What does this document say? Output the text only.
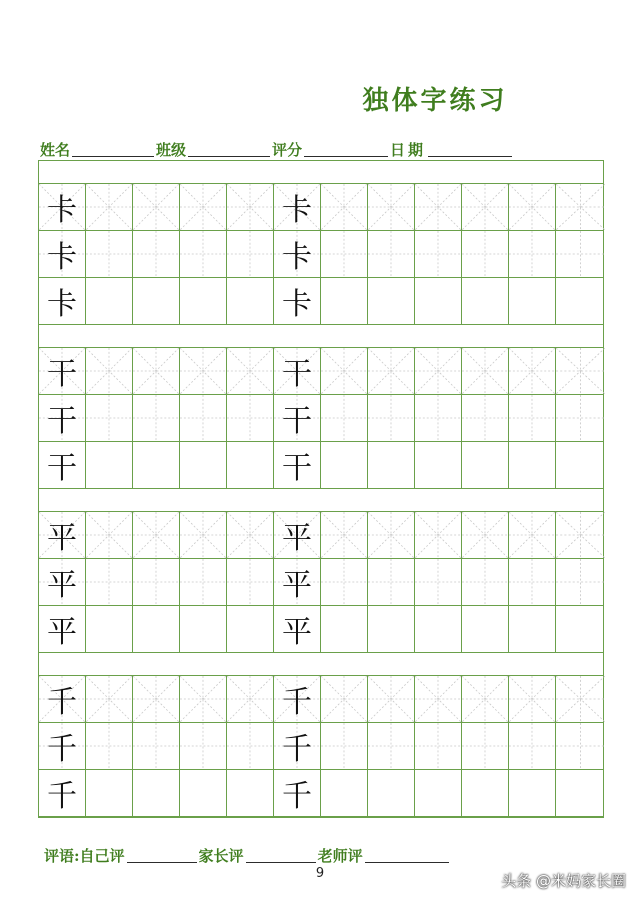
独体字练习
姓名	班级	评分	日期
卡	卡
卡	卡
卡	卡
干	干
干	干
干	干
平	平
平	平
平	平
千	千
千	千
千	千
评语:自己评	家长评	老师评
9	头条 @米妈家长圈
